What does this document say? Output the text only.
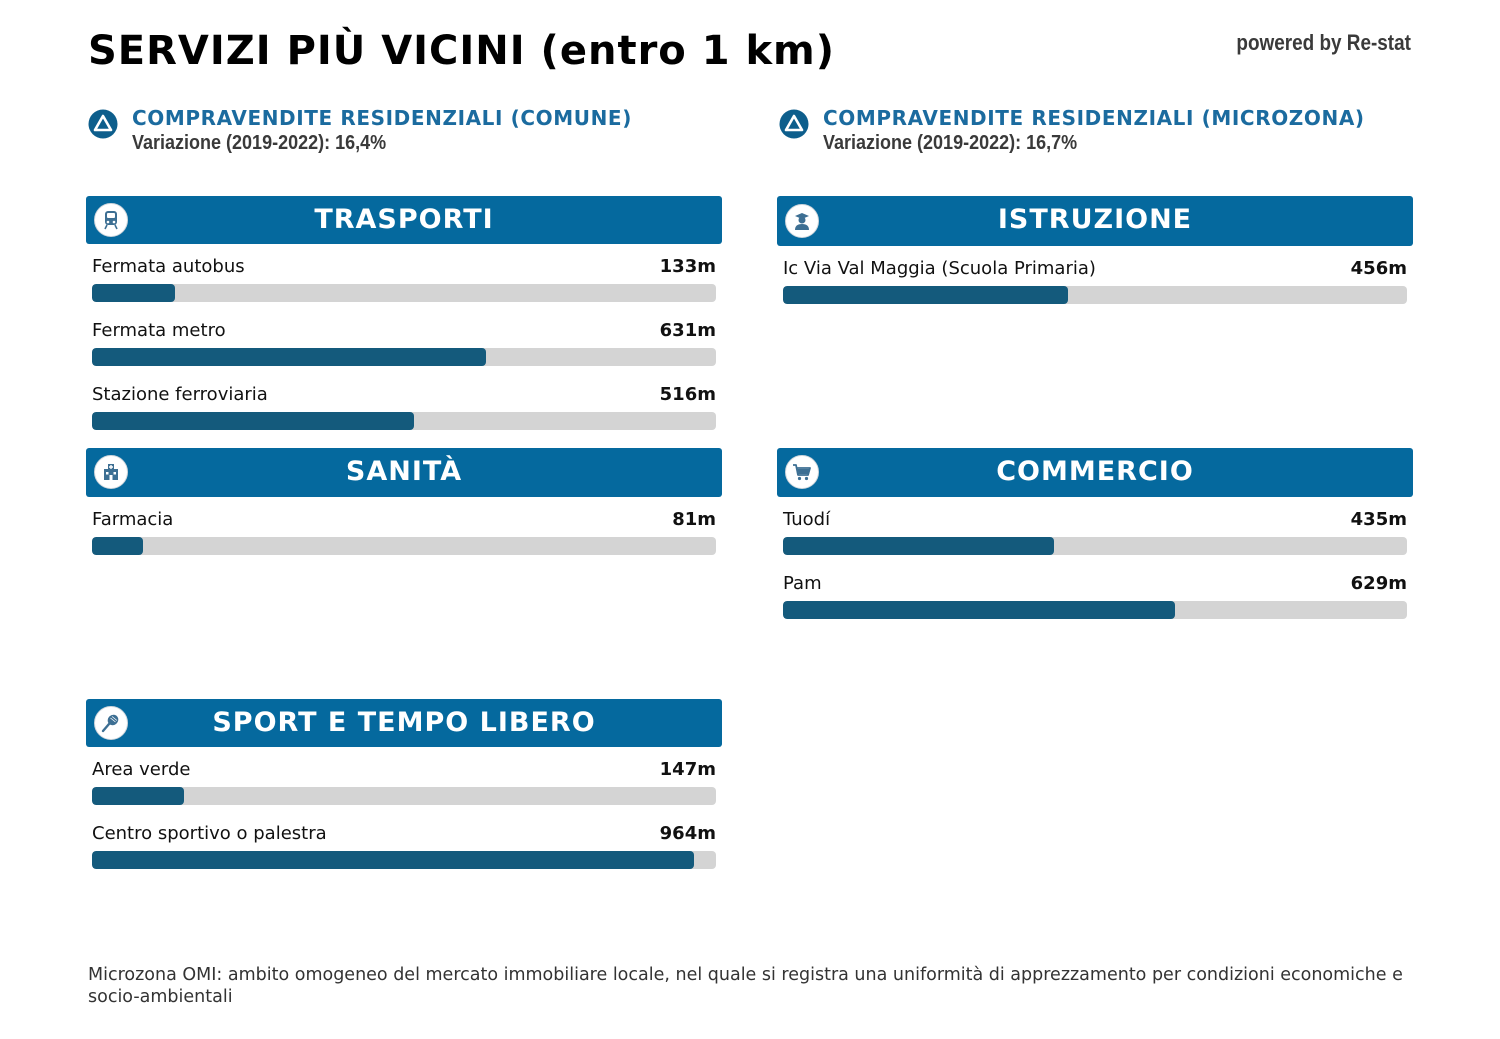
SERVIZI PIÙ VICINI (entro 1 km)	powered by Re-stat
COMPRAVENDITE RESIDENZIALI (COMUNE)
Variazione (2019-2022): 16,4%
COMPRAVENDITE RESIDENZIALI (MICROZONA)
Variazione (2019-2022): 16,7%
TRASPORTI
Fermata autobus	133m
Fermata metro	631m
Stazione ferroviaria	516m
ISTRUZIONE
Ic Via Val Maggia (Scuola Primaria)	456m
SANITÀ
Farmacia	81m
COMMERCIO
Tuodí	435m
Pam	629m
SPORT E TEMPO LIBERO
Area verde	147m
Centro sportivo o palestra	964m

Microzona OMI: ambito omogeneo del mercato immobiliare locale, nel quale si registra una uniformità di apprezzamento per condizioni economiche e socio-ambientali
